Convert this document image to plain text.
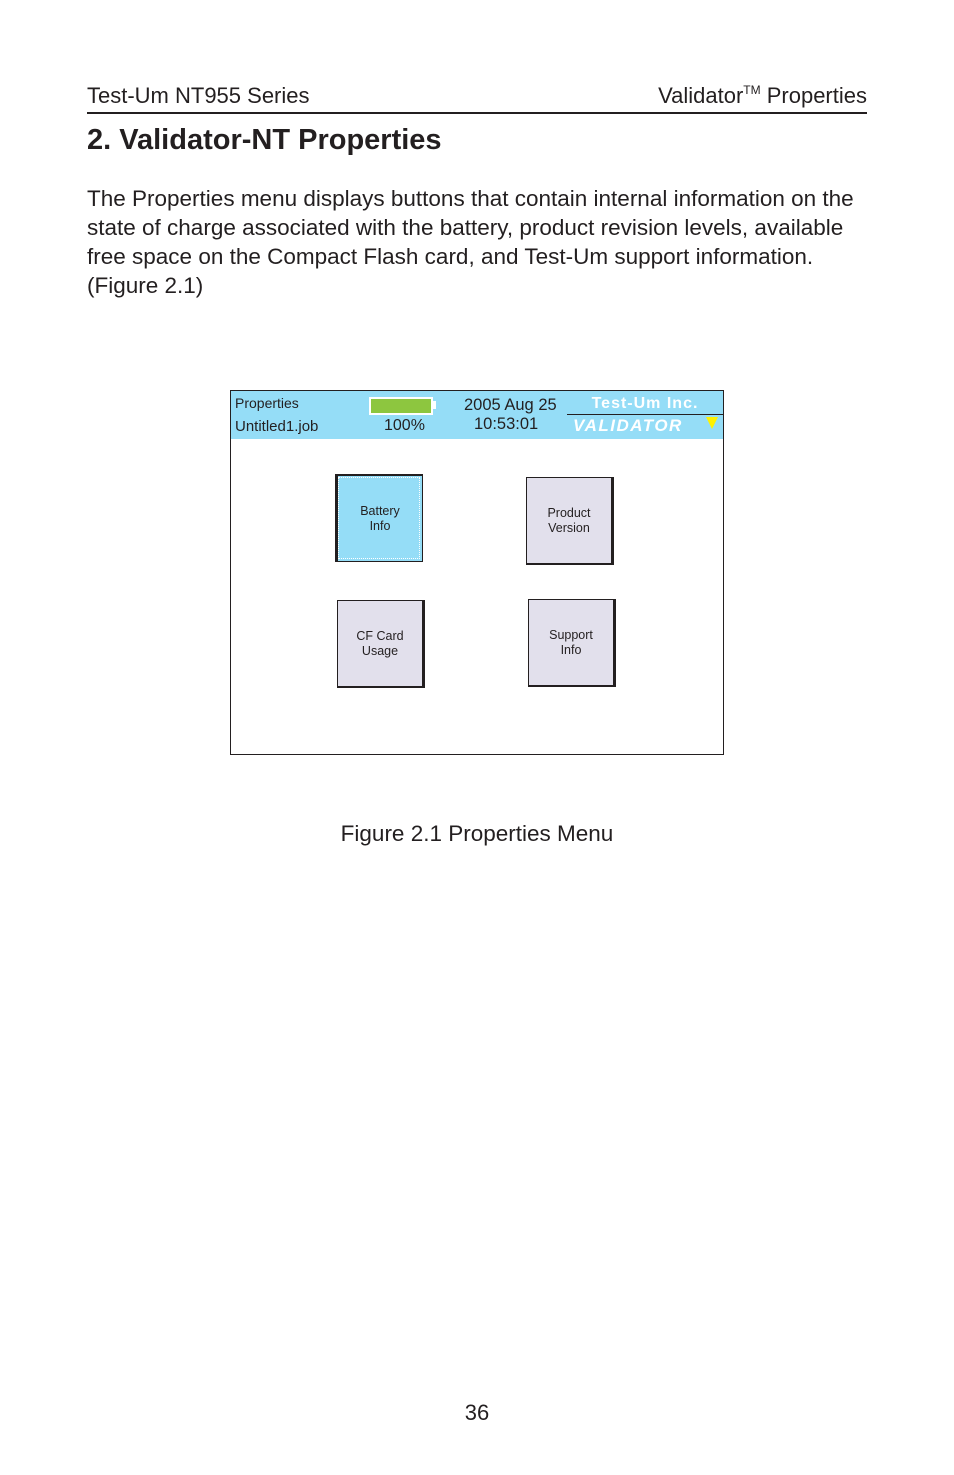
Test-Um NT955 Series	Validator™ Properties
2. Validator-NT Properties

The Properties menu displays buttons that contain internal information on the state of charge associated with the battery, product revision levels, available free space on the Compact Flash card, and Test-Um support information. (Figure 2.1)

Properties
Untitled1.job	100%
2005 Aug 25
10:53:01
Test-Um Inc.
VALIDATOR
Battery
Info
Product
Version
CF Card
Usage
Support
Info

Figure 2.1 Properties Menu

36
